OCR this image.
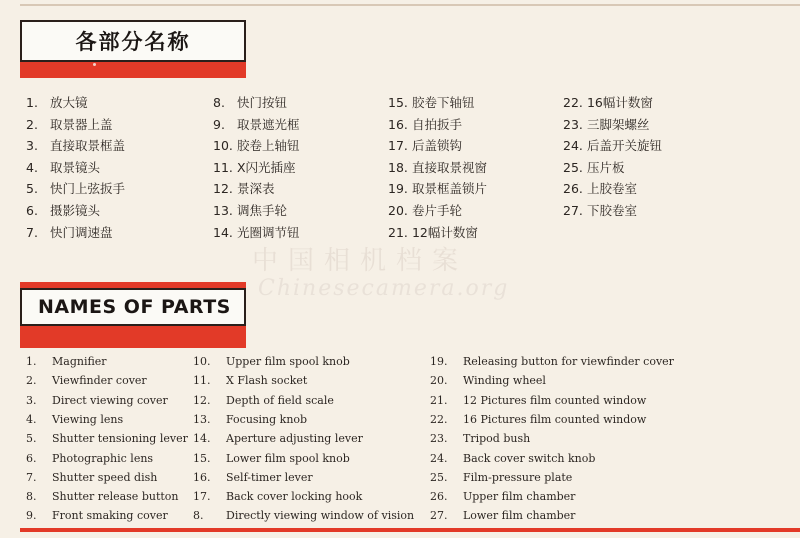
各部分名称
1. 放大镜
2. 取景器上盖
3. 直接取景框盖
4. 取景镜头
5. 快门上弦扳手
6. 摄影镜头
7. 快门调速盘
8. 快门按钮
9. 取景遮光框
10. 胶卷上轴钮
11. X闪光插座
12. 景深表
13. 调焦手轮
14. 光圈调节钮
15. 胶卷下轴钮
16. 自拍扳手
17. 后盖锁钩
18. 直接取景视窗
19. 取景框盖锁片
20. 卷片手轮
21. 12幅计数窗
22. 16幅计数窗
23. 三脚架螺丝
24. 后盖开关旋钮
25. 压片板
26. 上胶卷室
27. 下胶卷室
中国相机档案
Chinesecamera.org
NAMES OF PARTS
1. Magnifier
2. Viewfinder cover
3. Direct viewing cover
4. Viewing lens
5. Shutter tensioning lever
6. Photographic lens
7. Shutter speed dish
8. Shutter release button
9. Front smaking cover
10. Upper film spool knob
11. X Flash socket
12. Depth of field scale
13. Focusing knob
14. Aperture adjusting lever
15. Lower film spool knob
16. Self-timer lever
17. Back cover locking hook
8. Directly viewing window of vision
19. Releasing button for viewfinder cover
20. Winding wheel
21. 12 Pictures film counted window
22. 16 Pictures film counted window
23. Tripod bush
24. Back cover switch knob
25. Film-pressure plate
26. Upper film chamber
27. Lower film chamber
